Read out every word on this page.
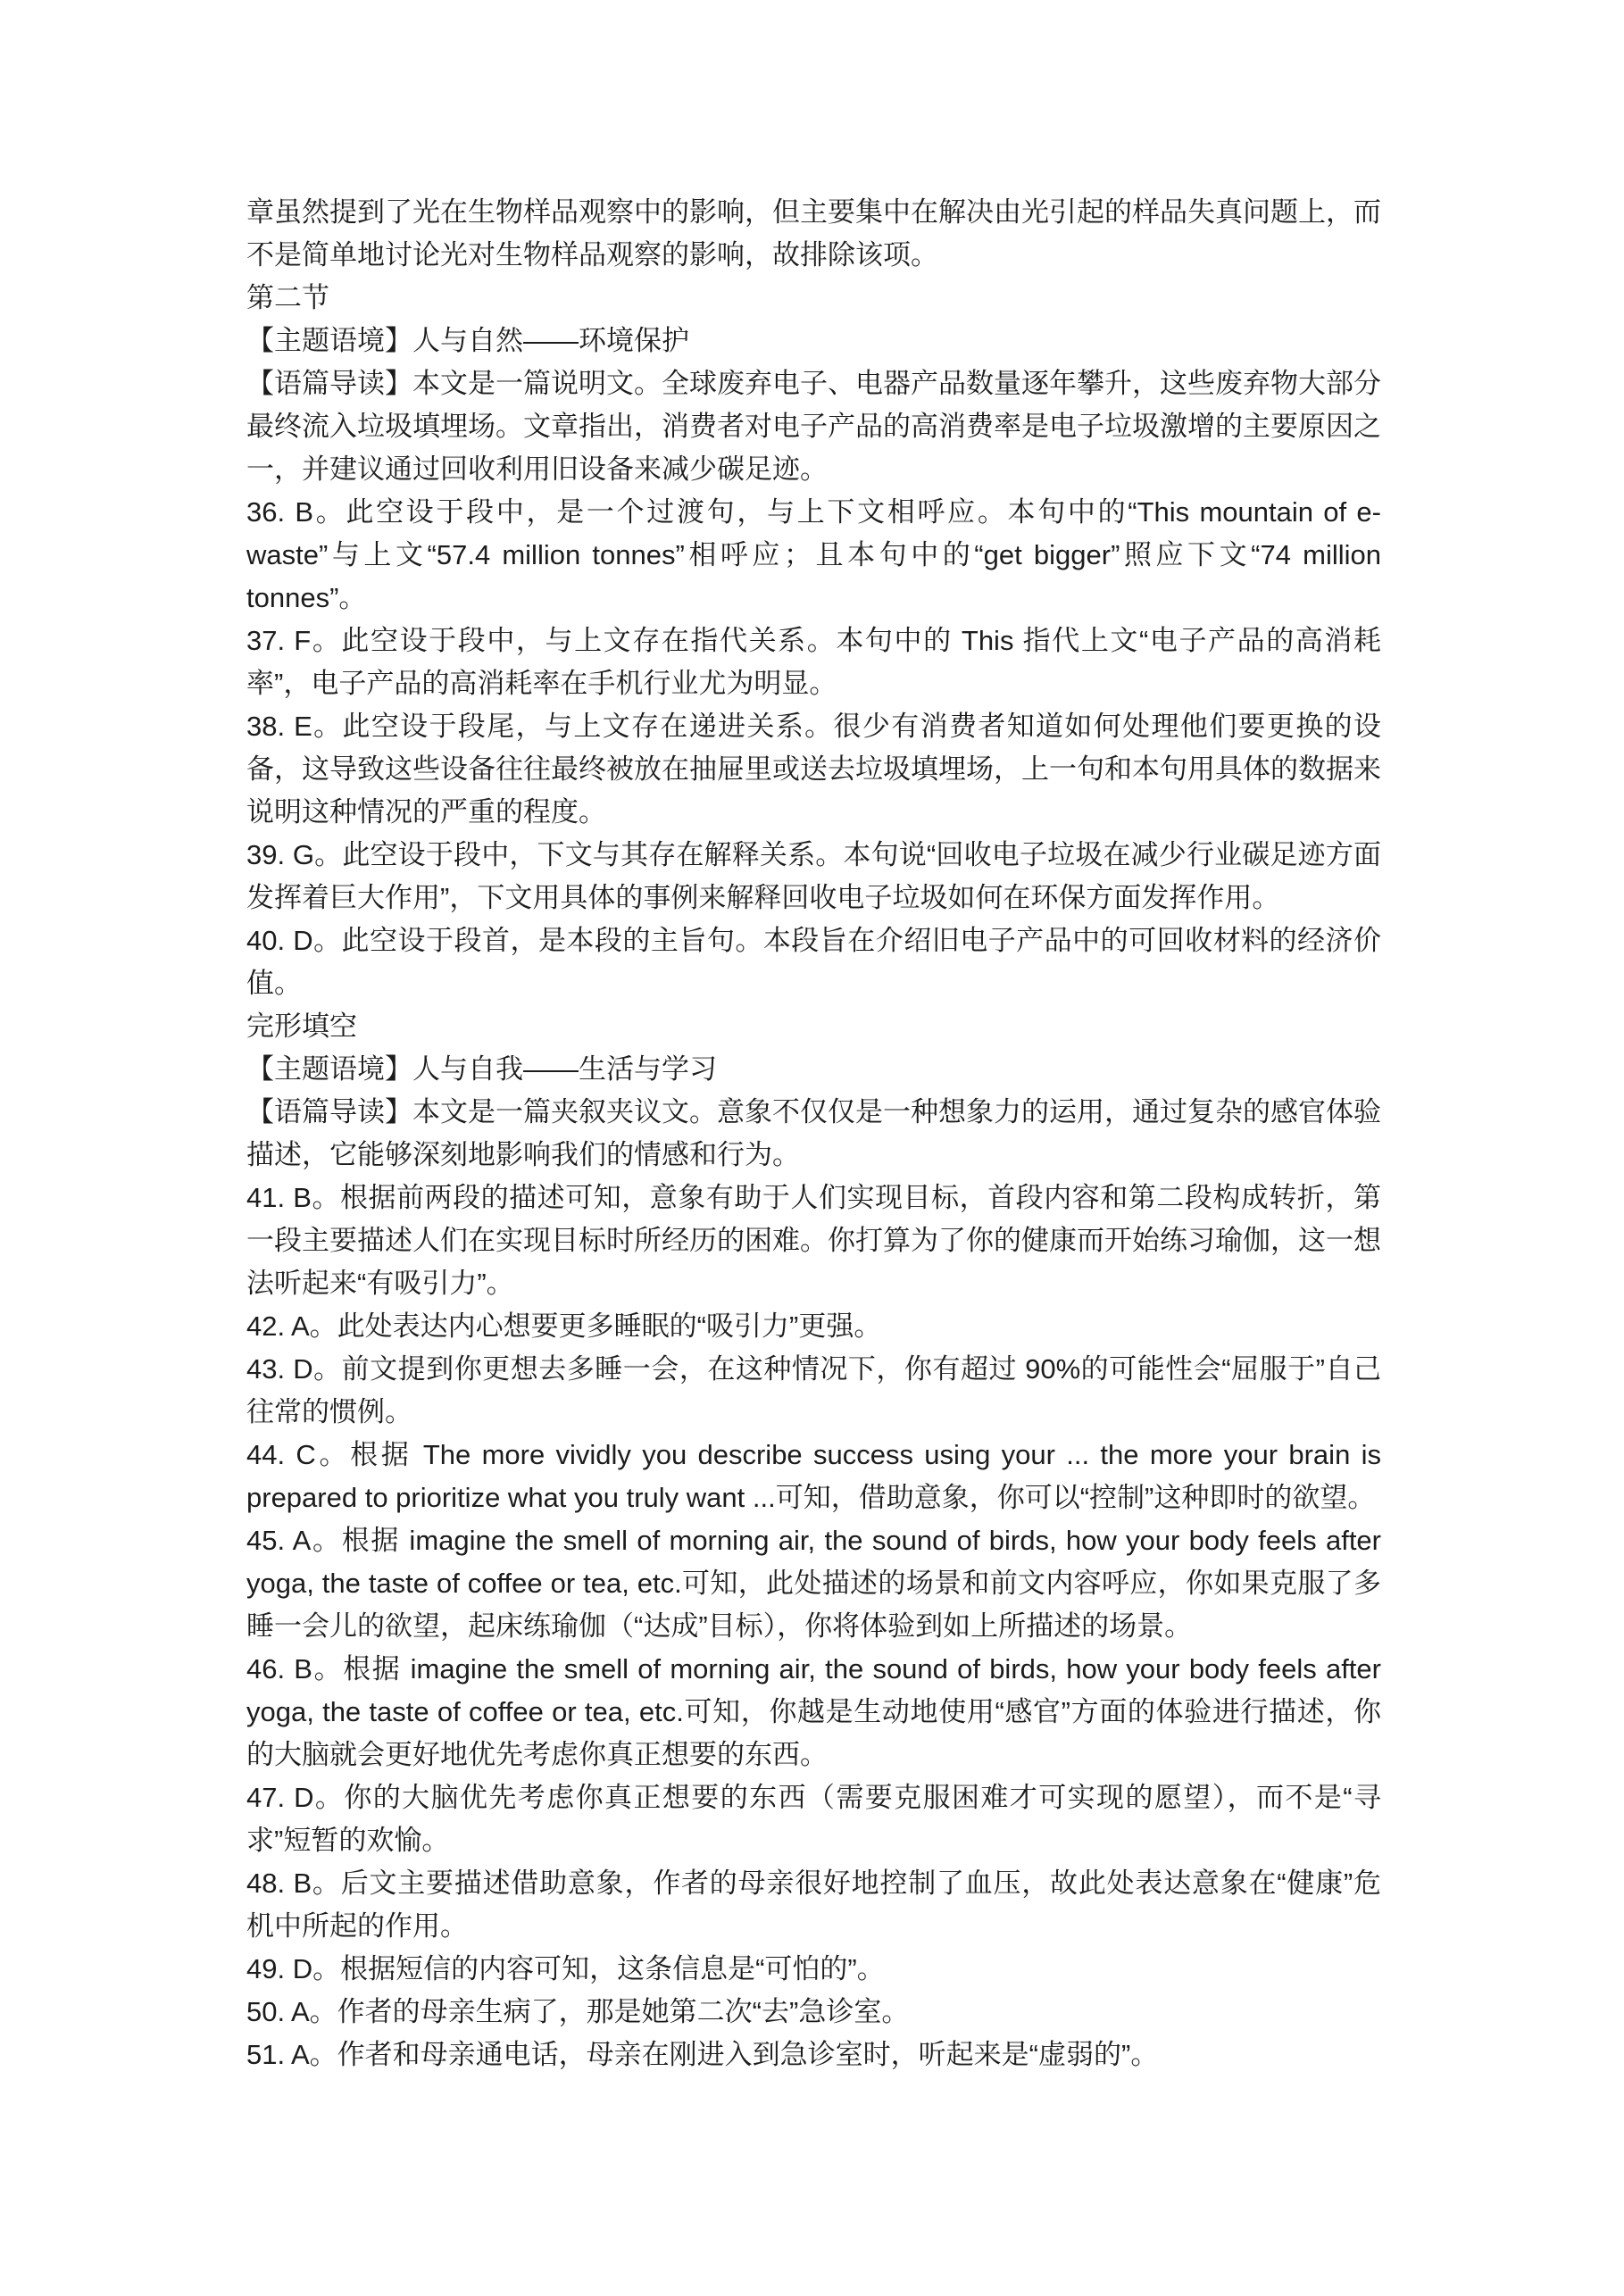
章虽然提到了光在生物样品观察中的影响，但主要集中在解决由光引起的样品失真问题上，而不是简单地讨论光对生物样品观察的影响，故排除该项。

第二节

【主题语境】人与自然——环境保护

【语篇导读】本文是一篇说明文。全球废弃电子、电器产品数量逐年攀升，这些废弃物大部分最终流入垃圾填埋场。文章指出，消费者对电子产品的高消费率是电子垃圾激增的主要原因之一，并建议通过回收利用旧设备来减少碳足迹。

36. B。此空设于段中，是一个过渡句，与上下文相呼应。本句中的“This mountain of e-waste”与上文“57.4 million tonnes”相呼应；且本句中的“get bigger”照应下文“74 million tonnes”。

37. F。此空设于段中，与上文存在指代关系。本句中的 This 指代上文“电子产品的高消耗率”，电子产品的高消耗率在手机行业尤为明显。

38. E。此空设于段尾，与上文存在递进关系。很少有消费者知道如何处理他们要更换的设备，这导致这些设备往往最终被放在抽屉里或送去垃圾填埋场，上一句和本句用具体的数据来说明这种情况的严重的程度。

39. G。此空设于段中，下文与其存在解释关系。本句说“回收电子垃圾在减少行业碳足迹方面发挥着巨大作用”，下文用具体的事例来解释回收电子垃圾如何在环保方面发挥作用。

40. D。此空设于段首，是本段的主旨句。本段旨在介绍旧电子产品中的可回收材料的经济价值。

完形填空

【主题语境】人与自我——生活与学习

【语篇导读】本文是一篇夹叙夹议文。意象不仅仅是一种想象力的运用，通过复杂的感官体验描述，它能够深刻地影响我们的情感和行为。

41. B。根据前两段的描述可知，意象有助于人们实现目标，首段内容和第二段构成转折，第一段主要描述人们在实现目标时所经历的困难。你打算为了你的健康而开始练习瑜伽，这一想法听起来“有吸引力”。

42. A。此处表达内心想要更多睡眠的“吸引力”更强。

43. D。前文提到你更想去多睡一会，在这种情况下，你有超过 90%的可能性会“屈服于”自己往常的惯例。

44. C。根据 The more vividly you describe success using your ... the more your brain is prepared to prioritize what you truly want ...可知，借助意象，你可以“控制”这种即时的欲望。

45. A。根据 imagine the smell of morning air, the sound of birds, how your body feels after yoga, the taste of coffee or tea, etc.可知，此处描述的场景和前文内容呼应，你如果克服了多睡一会儿的欲望，起床练瑜伽（“达成”目标），你将体验到如上所描述的场景。

46. B。根据 imagine the smell of morning air, the sound of birds, how your body feels after yoga, the taste of coffee or tea, etc.可知，你越是生动地使用“感官”方面的体验进行描述，你的大脑就会更好地优先考虑你真正想要的东西。

47. D。你的大脑优先考虑你真正想要的东西（需要克服困难才可实现的愿望），而不是“寻求”短暂的欢愉。

48. B。后文主要描述借助意象，作者的母亲很好地控制了血压，故此处表达意象在“健康”危机中所起的作用。

49. D。根据短信的内容可知，这条信息是“可怕的”。

50. A。作者的母亲生病了，那是她第二次“去”急诊室。

51. A。作者和母亲通电话，母亲在刚进入到急诊室时，听起来是“虚弱的”。
